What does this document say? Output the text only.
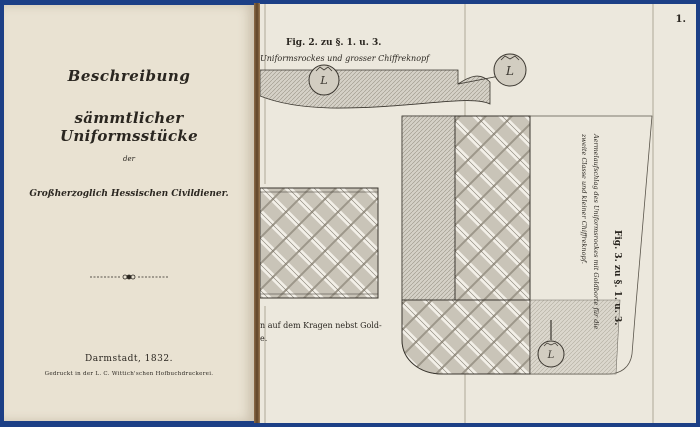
Beschreibung
sämmtlicher Uniformsstücke
der
Großherzoglich Hessischen Civildiener.
Darmstadt, 1832.
Gedruckt in der L. C. Wittich'schen Hofbuchdruckerei.
L
L
L
1.
Fig. 2. zu §. 1. u. 3.
Uniformsrockes und grosser Chiffreknopf
n auf dem Kragen nebst Gold-
e.
Fig. 3. zu §. 1. u. 3.
Aermelaufschlag des Uniformsrockes mit Goldborte für die
zweite Classe und kleiner Chiffreknopf.
